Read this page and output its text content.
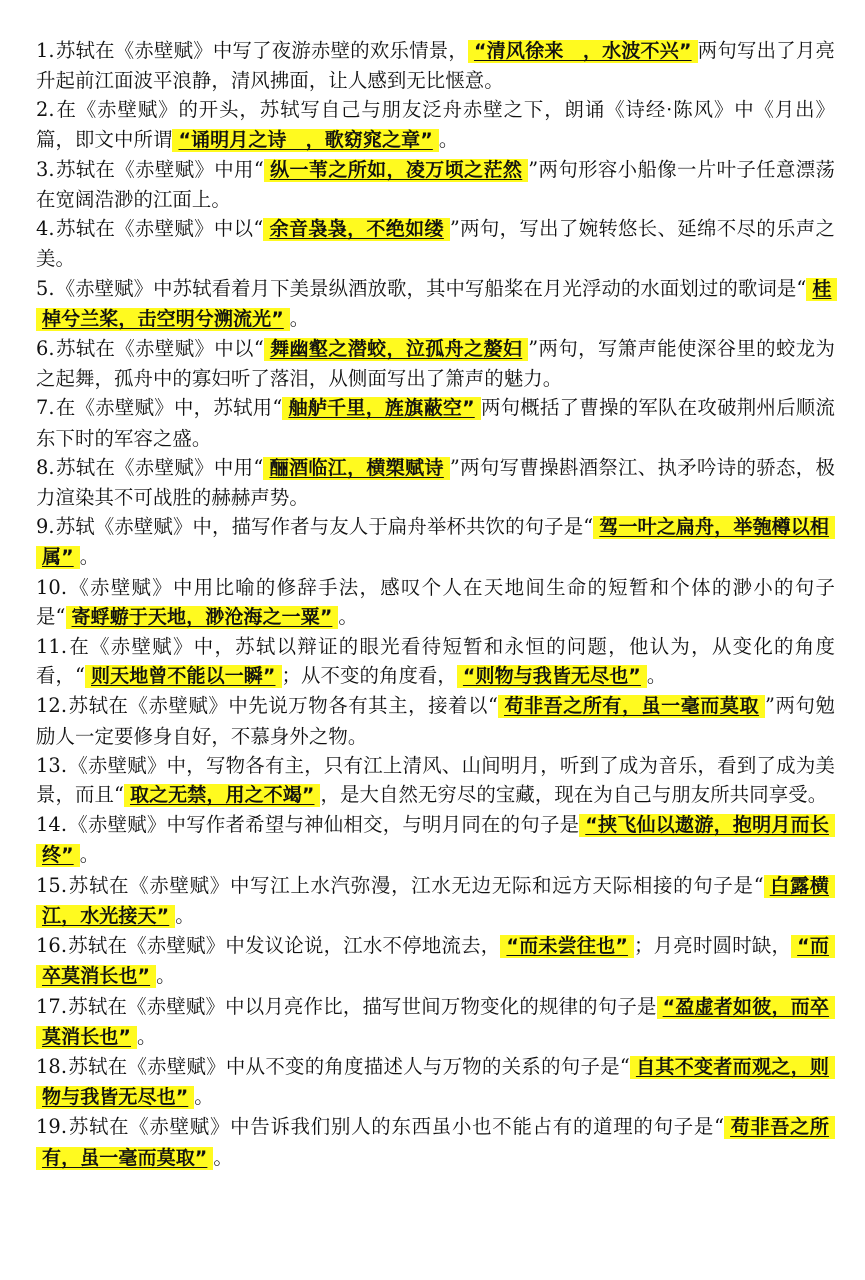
1.苏轼在《赤壁赋》中写了夜游赤壁的欢乐情景， “清风徐来　，水波不兴” 两句写出了月亮升起前江面波平浪静，清风拂面，让人感到无比惬意。

2.在《赤壁赋》的开头，苏轼写自己与朋友泛舟赤壁之下，朗诵《诗经·陈风》中《月出》篇，即文中所谓 “诵明月之诗　，歌窈窕之章” 。

3.苏轼在《赤壁赋》中用“ 纵一苇之所如，凌万顷之茫然 ”两句形容小船像一片叶子任意漂荡在宽阔浩渺的江面上。

4.苏轼在《赤壁赋》中以“ 余音袅袅，不绝如缕 ”两句，写出了婉转悠长、延绵不尽的乐声之美。

5.《赤壁赋》中苏轼看着月下美景纵酒放歌，其中写船桨在月光浮动的水面划过的歌词是“ 桂棹兮兰桨，击空明兮溯流光” 。

6.苏轼在《赤壁赋》中以“ 舞幽壑之潜蛟，泣孤舟之嫠妇 ”两句，写箫声能使深谷里的蛟龙为之起舞，孤舟中的寡妇听了落泪，从侧面写出了箫声的魅力。

7.在《赤壁赋》中，苏轼用“ 舳舻千里，旌旗蔽空” 两句概括了曹操的军队在攻破荆州后顺流东下时的军容之盛。

8.苏轼在《赤壁赋》中用“ 酾酒临江，横槊赋诗 ”两句写曹操斟酒祭江、执矛吟诗的骄态，极力渲染其不可战胜的赫赫声势。

9.苏轼《赤壁赋》中，描写作者与友人于扁舟举杯共饮的句子是“ 驾一叶之扁舟，举匏樽以相属” 。

10.《赤壁赋》中用比喻的修辞手法，感叹个人在天地间生命的短暂和个体的渺小的句子是“ 寄蜉蝣于天地，渺沧海之一粟” 。

11.在《赤壁赋》中，苏轼以辩证的眼光看待短暂和永恒的问题，他认为，从变化的角度看，“ 则天地曾不能以一瞬” ；从不变的角度看， “则物与我皆无尽也” 。

12.苏轼在《赤壁赋》中先说万物各有其主，接着以“ 苟非吾之所有，虽一毫而莫取 ”两句勉励人一定要修身自好，不慕身外之物。

13.《赤壁赋》中，写物各有主，只有江上清风、山间明月，听到了成为音乐，看到了成为美景，而且“ 取之无禁，用之不竭” ，是大自然无穷尽的宝藏，现在为自己与朋友所共同享受。

14.《赤壁赋》中写作者希望与神仙相交，与明月同在的句子是 “挟飞仙以遨游，抱明月而长终” 。

15.苏轼在《赤壁赋》中写江上水汽弥漫，江水无边无际和远方天际相接的句子是“ 白露横江，水光接天” 。

16.苏轼在《赤壁赋》中发议论说，江水不停地流去， “而未尝往也” ；月亮时圆时缺， “而卒莫消长也” 。

17.苏轼在《赤壁赋》中以月亮作比，描写世间万物变化的规律的句子是 “盈虚者如彼，而卒莫消长也” 。

18.苏轼在《赤壁赋》中从不变的角度描述人与万物的关系的句子是“ 自其不变者而观之，则物与我皆无尽也” 。

19.苏轼在《赤壁赋》中告诉我们别人的东西虽小也不能占有的道理的句子是“ 苟非吾之所有，虽一毫而莫取” 。
